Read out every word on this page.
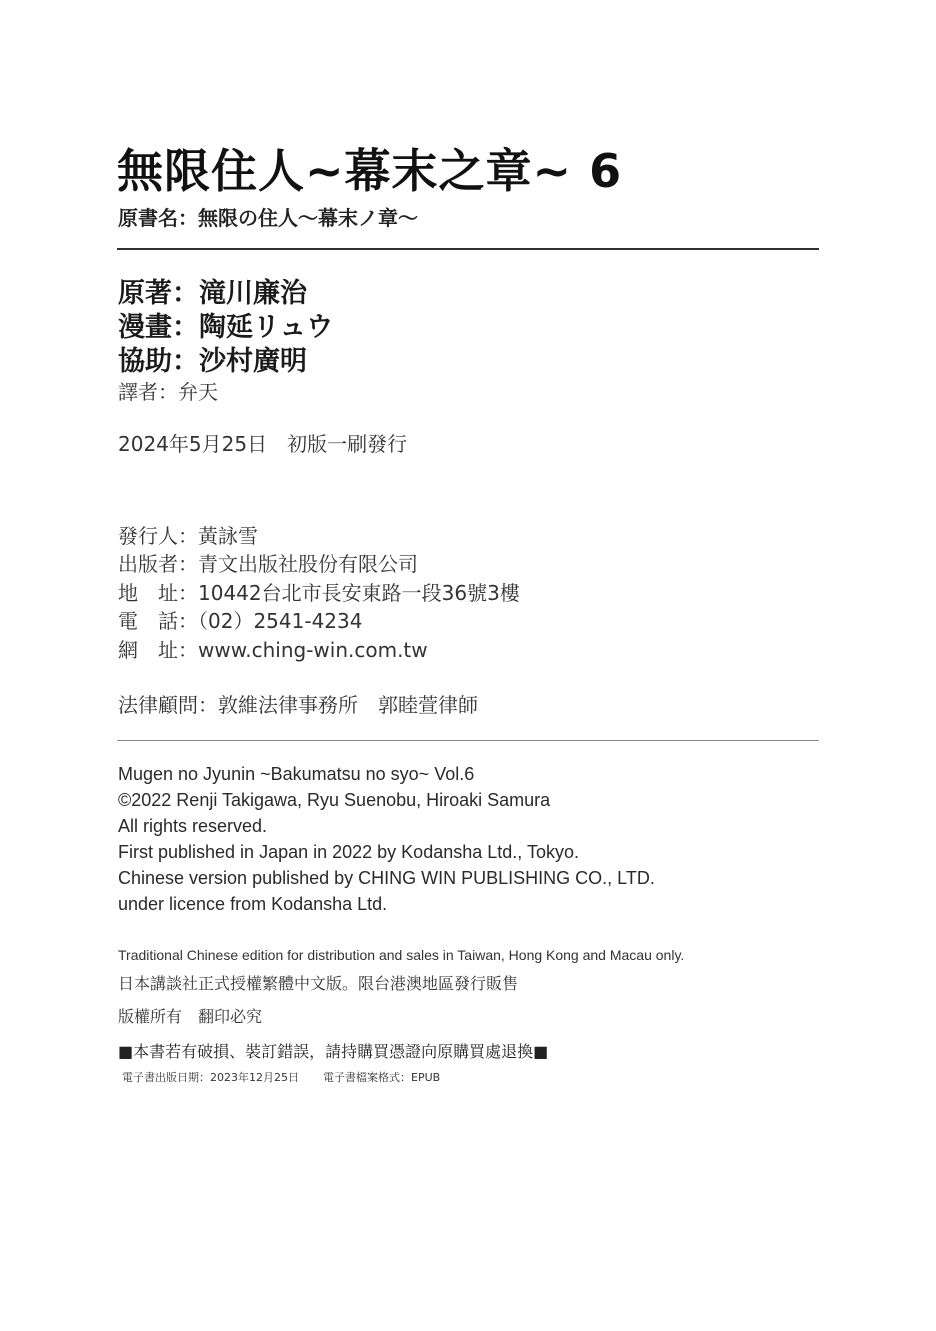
無限住人~幕末之章~ 6
原書名：無限の住人〜幕末ノ章〜
原著：滝川廉治
漫畫：陶延リュウ
協助：沙村廣明
譯者：弁天
2024年5月25日　初版一刷發行
發行人：黃詠雪
出版者：青文出版社股份有限公司
地　址：10442台北市長安東路一段36號3樓
電　話：（02）2541-4234
網　址：www.ching-win.com.tw
法律顧問：敦維法律事務所　郭睦萱律師
Mugen no Jyunin ~Bakumatsu no syo~ Vol.6
©2022 Renji Takigawa, Ryu Suenobu, Hiroaki Samura
All rights reserved.
First published in Japan in 2022 by Kodansha Ltd., Tokyo.
Chinese version published by CHING WIN PUBLISHING CO., LTD.
under licence from Kodansha Ltd.
Traditional Chinese edition for distribution and sales in Taiwan, Hong Kong and Macau only.
日本講談社正式授權繁體中文版。限台港澳地區發行販售
版權所有　翻印必究
■本書若有破損、裝訂錯誤，請持購買憑證向原購買處退換■
電子書出版日期：2023年12月25日 電子書檔案格式：EPUB
